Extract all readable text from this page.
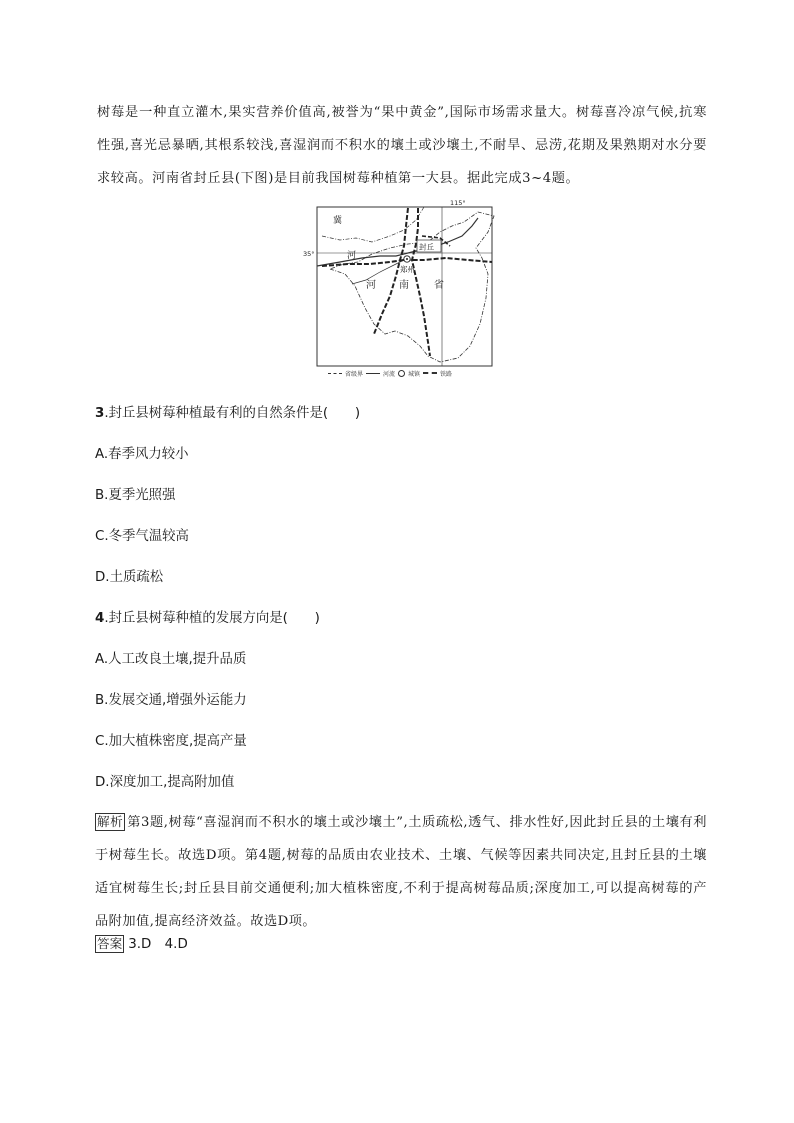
树莓是一种直立灌木,果实营养价值高,被誉为“果中黄金”,国际市场需求量大。树莓喜冷凉气候,抗寒性强,喜光忌暴晒,其根系较浅,喜湿润而不积水的壤土或沙壤土,不耐旱、忌涝,花期及果熟期对水分要求较高。河南省封丘县(下图)是目前我国树莓种植第一大县。据此完成3~4题。

115°
35°
冀
河
封丘
郑州
河 南	省
省级界	河流 城镇	铁路
3.封丘县树莓种植最有利的自然条件是(　　)
A.春季风力较小
B.夏季光照强
C.冬季气温较高
D.土质疏松
4.封丘县树莓种植的发展方向是(　　)
A.人工改良土壤,提升品质
B.发展交通,增强外运能力
C.加大植株密度,提高产量
D.深度加工,提高附加值

解析 第3题,树莓“喜湿润而不积水的壤土或沙壤土”,土质疏松,透气、排水性好,因此封丘县的土壤有利于树莓生长。故选D项。第4题,树莓的品质由农业技术、土壤、气候等因素共同决定,且封丘县的土壤适宜树莓生长;封丘县目前交通便利;加大植株密度,不利于提高树莓品质;深度加工,可以提高树莓的产品附加值,提高经济效益。故选D项。

答案 3.D　4.D
